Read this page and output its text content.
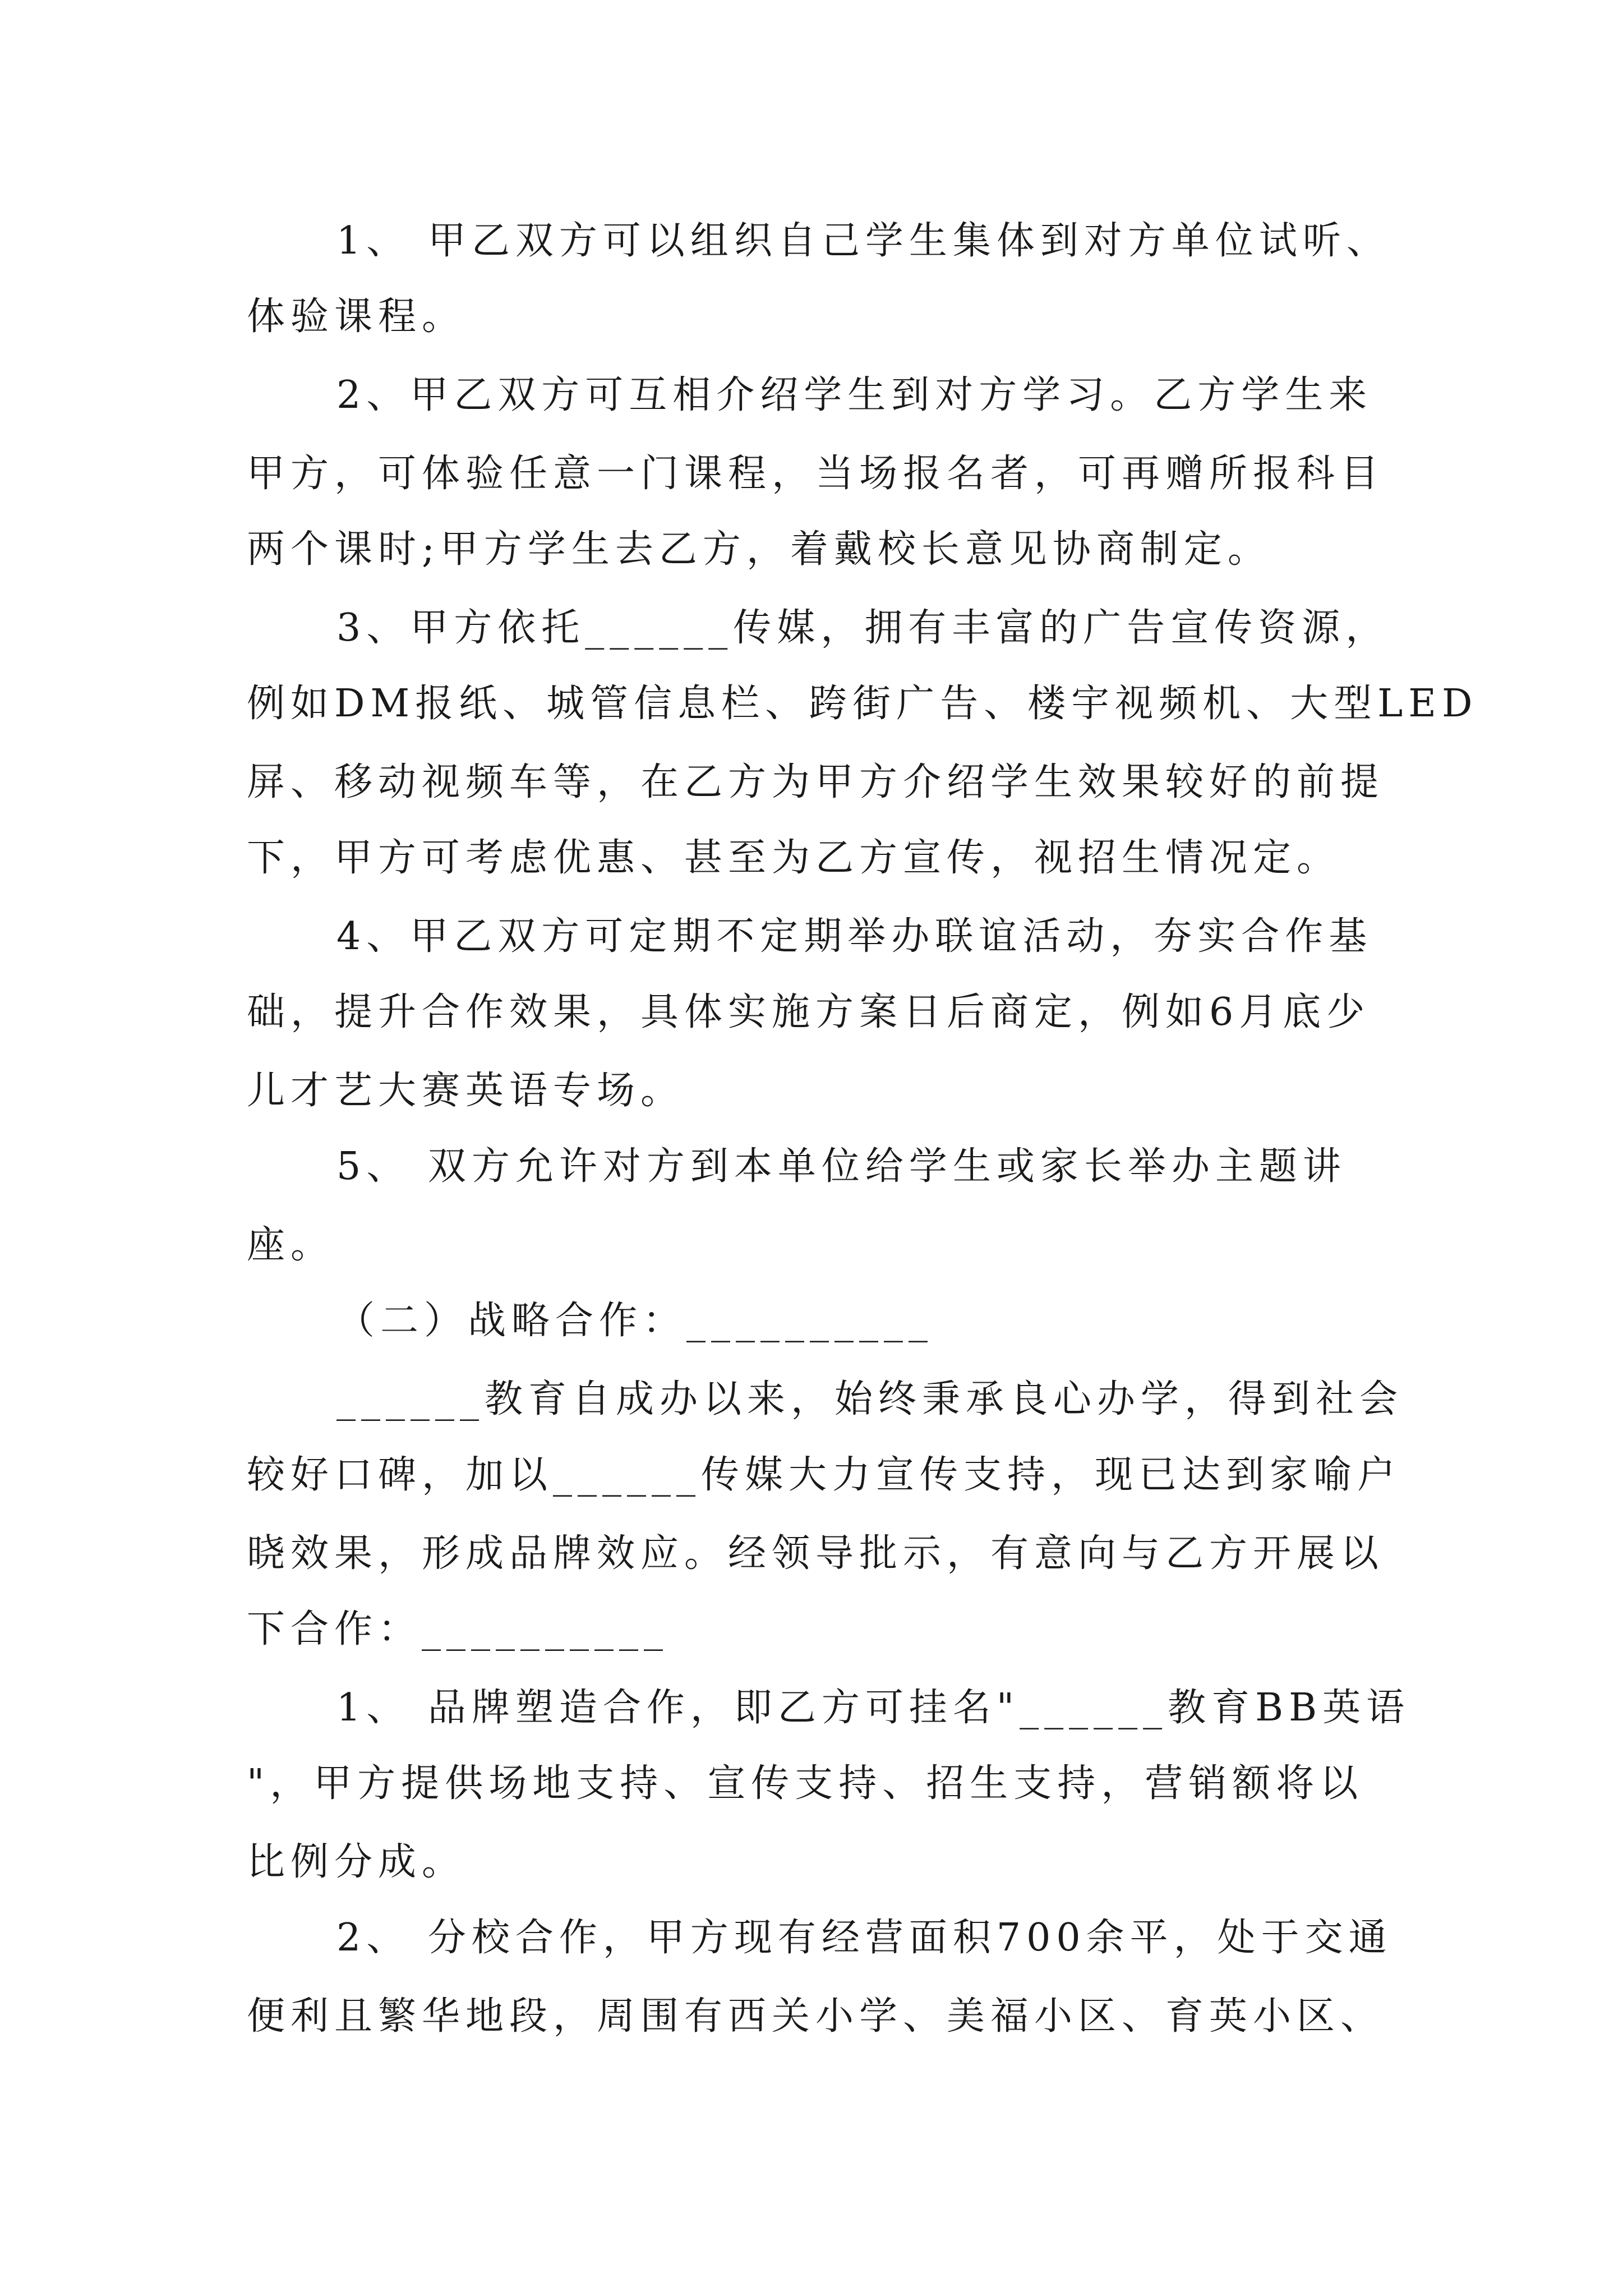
1、 甲乙双方可以组织自己学生集体到对方单位试听、
体验课程。
2、甲乙双方可互相介绍学生到对方学习。乙方学生来
甲方，可体验任意一门课程，当场报名者，可再赠所报科目
两个课时;甲方学生去乙方，着戴校长意见协商制定。
3、甲方依托______传媒，拥有丰富的广告宣传资源，
例如DM报纸、城管信息栏、跨街广告、楼宇视频机、大型LED
屏、移动视频车等，在乙方为甲方介绍学生效果较好的前提
下，甲方可考虑优惠、甚至为乙方宣传，视招生情况定。
4、甲乙双方可定期不定期举办联谊活动，夯实合作基
础，提升合作效果，具体实施方案日后商定，例如6月底少
儿才艺大赛英语专场。
5、 双方允许对方到本单位给学生或家长举办主题讲
座。
（二）战略合作：__________
______教育自成办以来，始终秉承良心办学，得到社会
较好口碑，加以______传媒大力宣传支持，现已达到家喻户
晓效果，形成品牌效应。经领导批示，有意向与乙方开展以
下合作：__________
1、 品牌塑造合作，即乙方可挂名"______教育BB英语
"，甲方提供场地支持、宣传支持、招生支持，营销额将以
比例分成。
2、 分校合作，甲方现有经营面积700余平，处于交通
便利且繁华地段，周围有西关小学、美福小区、育英小区、
